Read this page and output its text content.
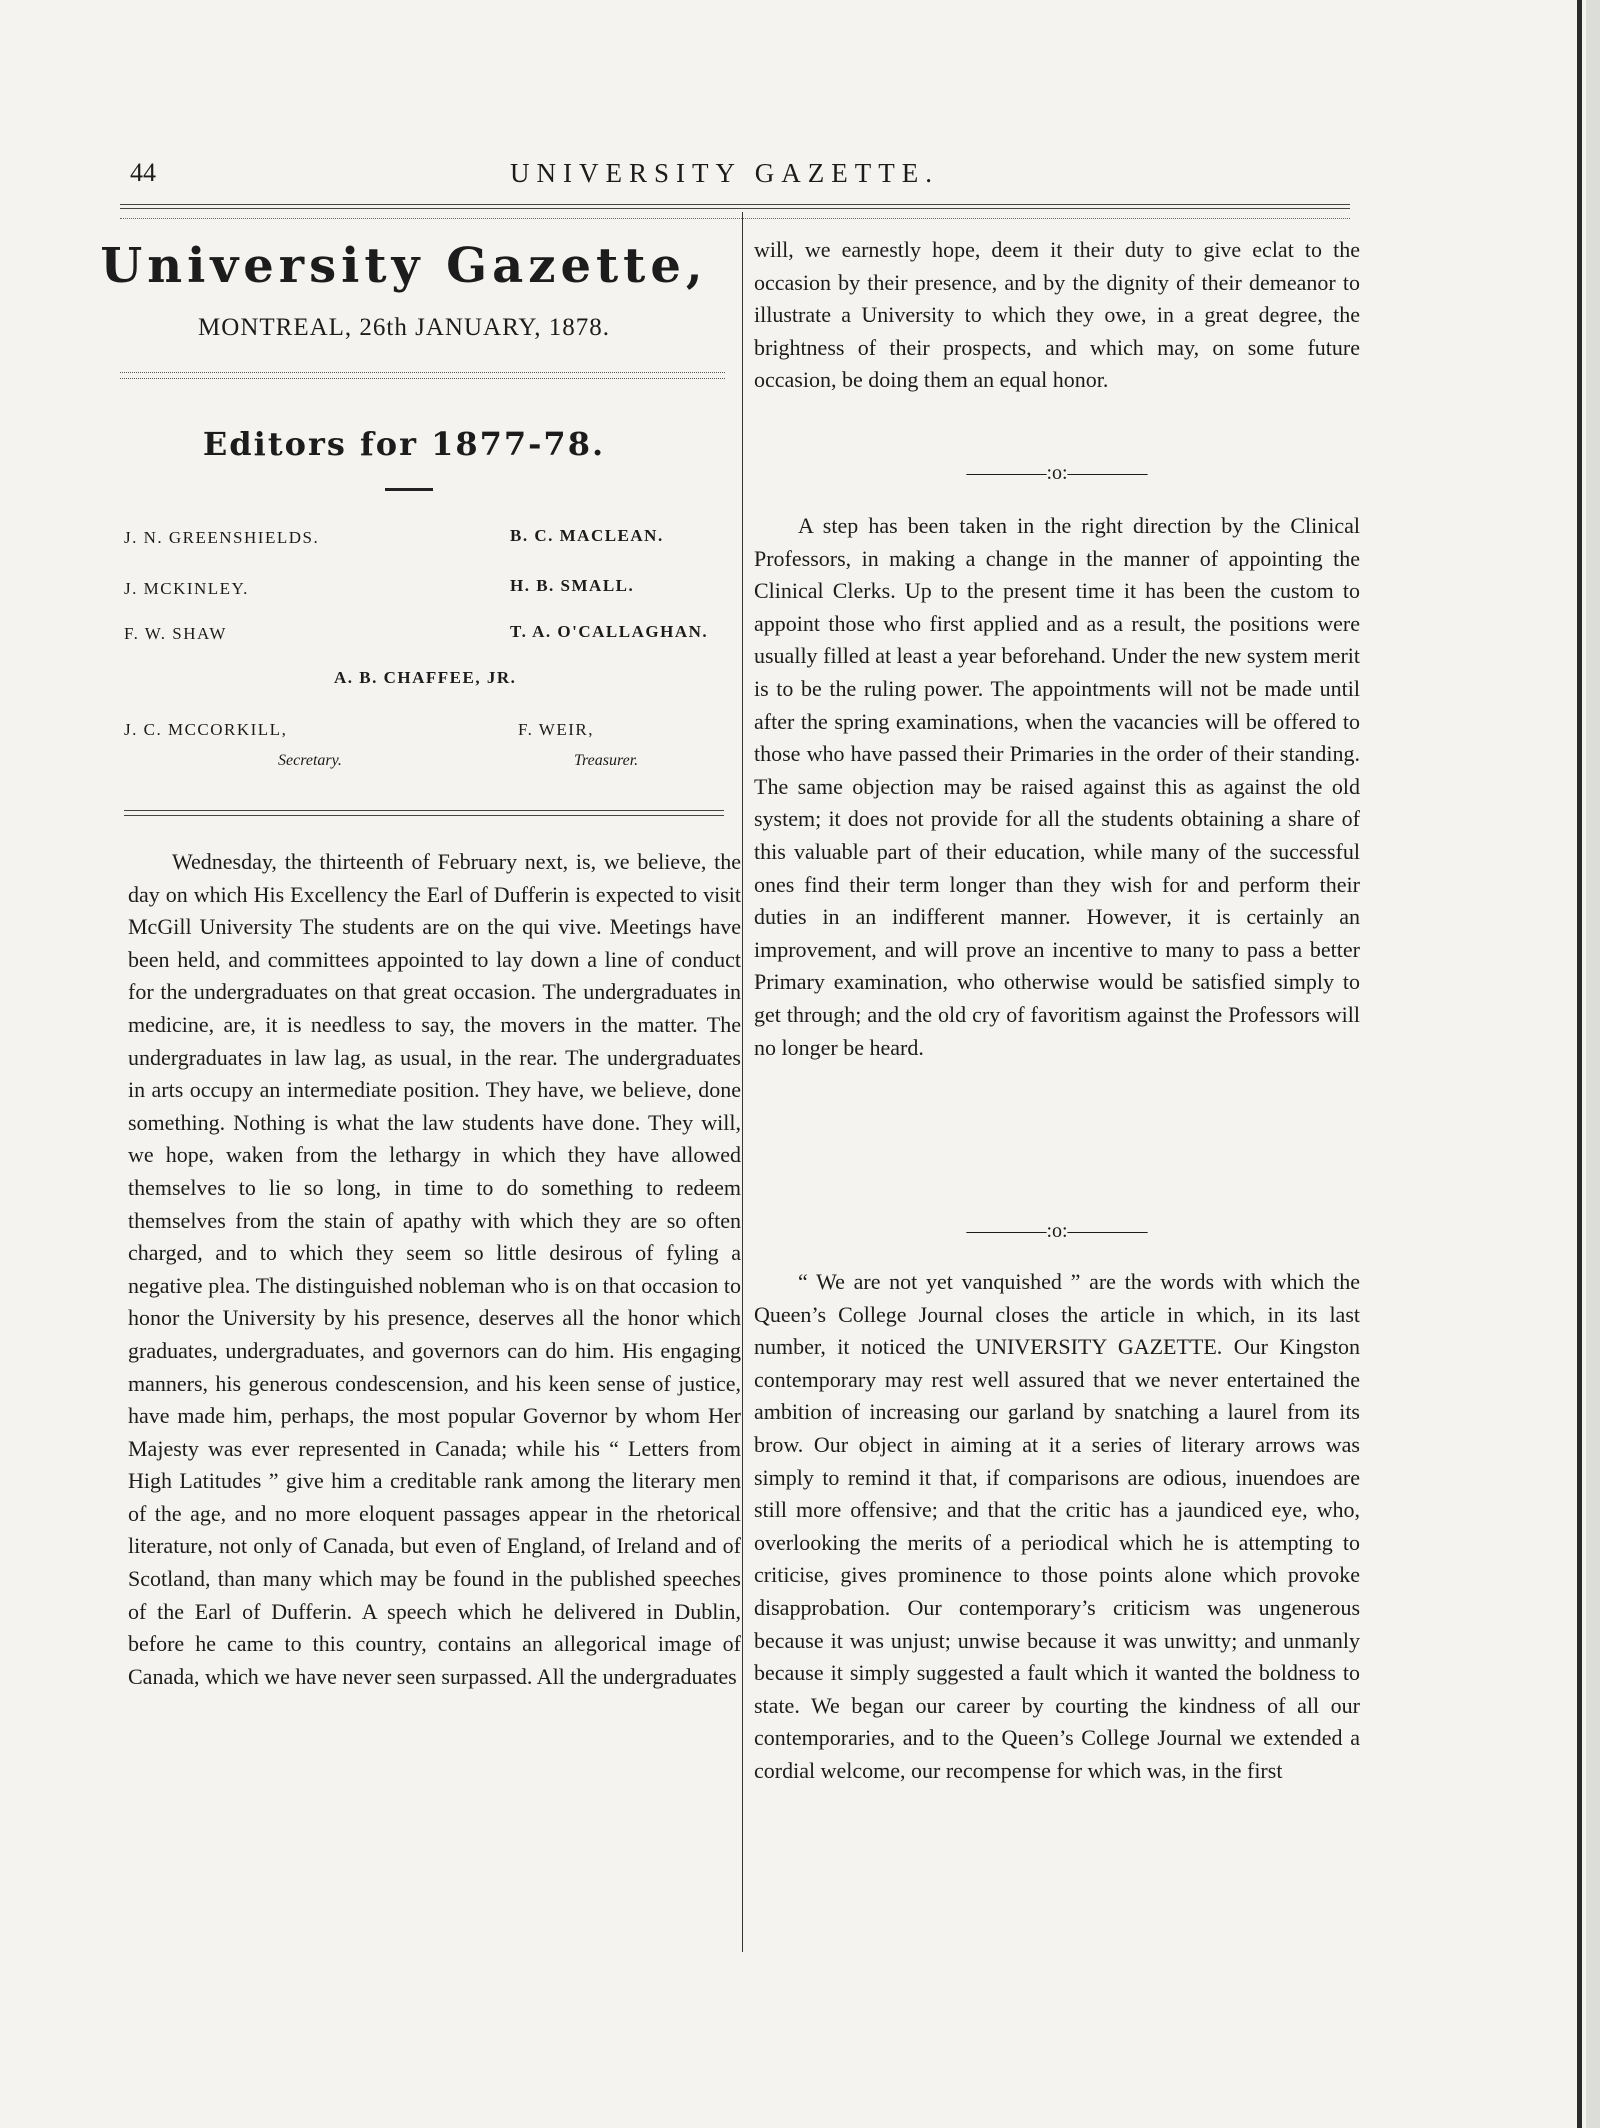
44	UNIVERSITY GAZETTE.
University Gazette,
MONTREAL, 26th JANUARY, 1878.
Editors for 1877-78.
J. N. GREENSHIELDS.
J. MCKINLEY.
F. W. SHAW
B. C. MACLEAN.
H. B. SMALL.
T. A. O'CALLAGHAN.
A. B. CHAFFEE, JR.
J. C. MCCORKILL,
Secretary.
F. WEIR,
Treasurer.

Wednesday, the thirteenth of February next, is, we believe, the day on which His Excellency the Earl of Dufferin is expected to visit McGill University The students are on the qui vive. Meetings have been held, and committees appointed to lay down a line of conduct for the undergraduates on that great occasion. The undergraduates in medicine, are, it is needless to say, the movers in the matter. The undergraduates in law lag, as usual, in the rear. The undergraduates in arts occupy an intermediate position. They have, we believe, done something. Nothing is what the law students have done. They will, we hope, waken from the lethargy in which they have allowed themselves to lie so long, in time to do something to redeem themselves from the stain of apathy with which they are so often charged, and to which they seem so little desirous of fyling a negative plea. The distinguished nobleman who is on that occasion to honor the University by his presence, deserves all the honor which graduates, undergraduates, and governors can do him. His engaging manners, his generous condescension, and his keen sense of justice, have made him, perhaps, the most popular Governor by whom Her Majesty was ever represented in Canada; while his “ Letters from High Latitudes ” give him a creditable rank among the literary men of the age, and no more eloquent passages appear in the rhetorical literature, not only of Canada, but even of England, of Ireland and of Scotland, than many which may be found in the published speeches of the Earl of Dufferin. A speech which he delivered in Dublin, before he came to this country, contains an allegorical image of Canada, which we have never seen surpassed. All the undergraduates

will, we earnestly hope, deem it their duty to give eclat to the occasion by their presence, and by the dignity of their demeanor to illustrate a University to which they owe, in a great degree, the brightness of their prospects, and which may, on some future occasion, be doing them an equal honor.

————:o:————

A step has been taken in the right direction by the Clinical Professors, in making a change in the manner of appointing the Clinical Clerks. Up to the present time it has been the custom to appoint those who first applied and as a result, the positions were usually filled at least a year beforehand. Under the new system merit is to be the ruling power. The appointments will not be made until after the spring examinations, when the vacancies will be offered to those who have passed their Primaries in the order of their standing. The same objection may be raised against this as against the old system; it does not provide for all the students obtaining a share of this valuable part of their education, while many of the successful ones find their term longer than they wish for and perform their duties in an indifferent manner. However, it is certainly an improvement, and will prove an incentive to many to pass a better Primary examination, who otherwise would be satisfied simply to get through; and the old cry of favoritism against the Professors will no longer be heard.

————:o:————

“ We are not yet vanquished ” are the words with which the Queen’s College Journal closes the article in which, in its last number, it noticed the UNIVERSITY GAZETTE. Our Kingston contemporary may rest well assured that we never entertained the ambition of increasing our garland by snatching a laurel from its brow. Our object in aiming at it a series of literary arrows was simply to remind it that, if comparisons are odious, inuendoes are still more offensive; and that the critic has a jaundiced eye, who, overlooking the merits of a periodical which he is attempting to criticise, gives prominence to those points alone which provoke disapprobation. Our contemporary’s criticism was ungenerous because it was unjust; unwise because it was unwitty; and unmanly because it simply suggested a fault which it wanted the boldness to state. We began our career by courting the kindness of all our contemporaries, and to the Queen’s College Journal we extended a cordial welcome, our recompense for which was, in the first
